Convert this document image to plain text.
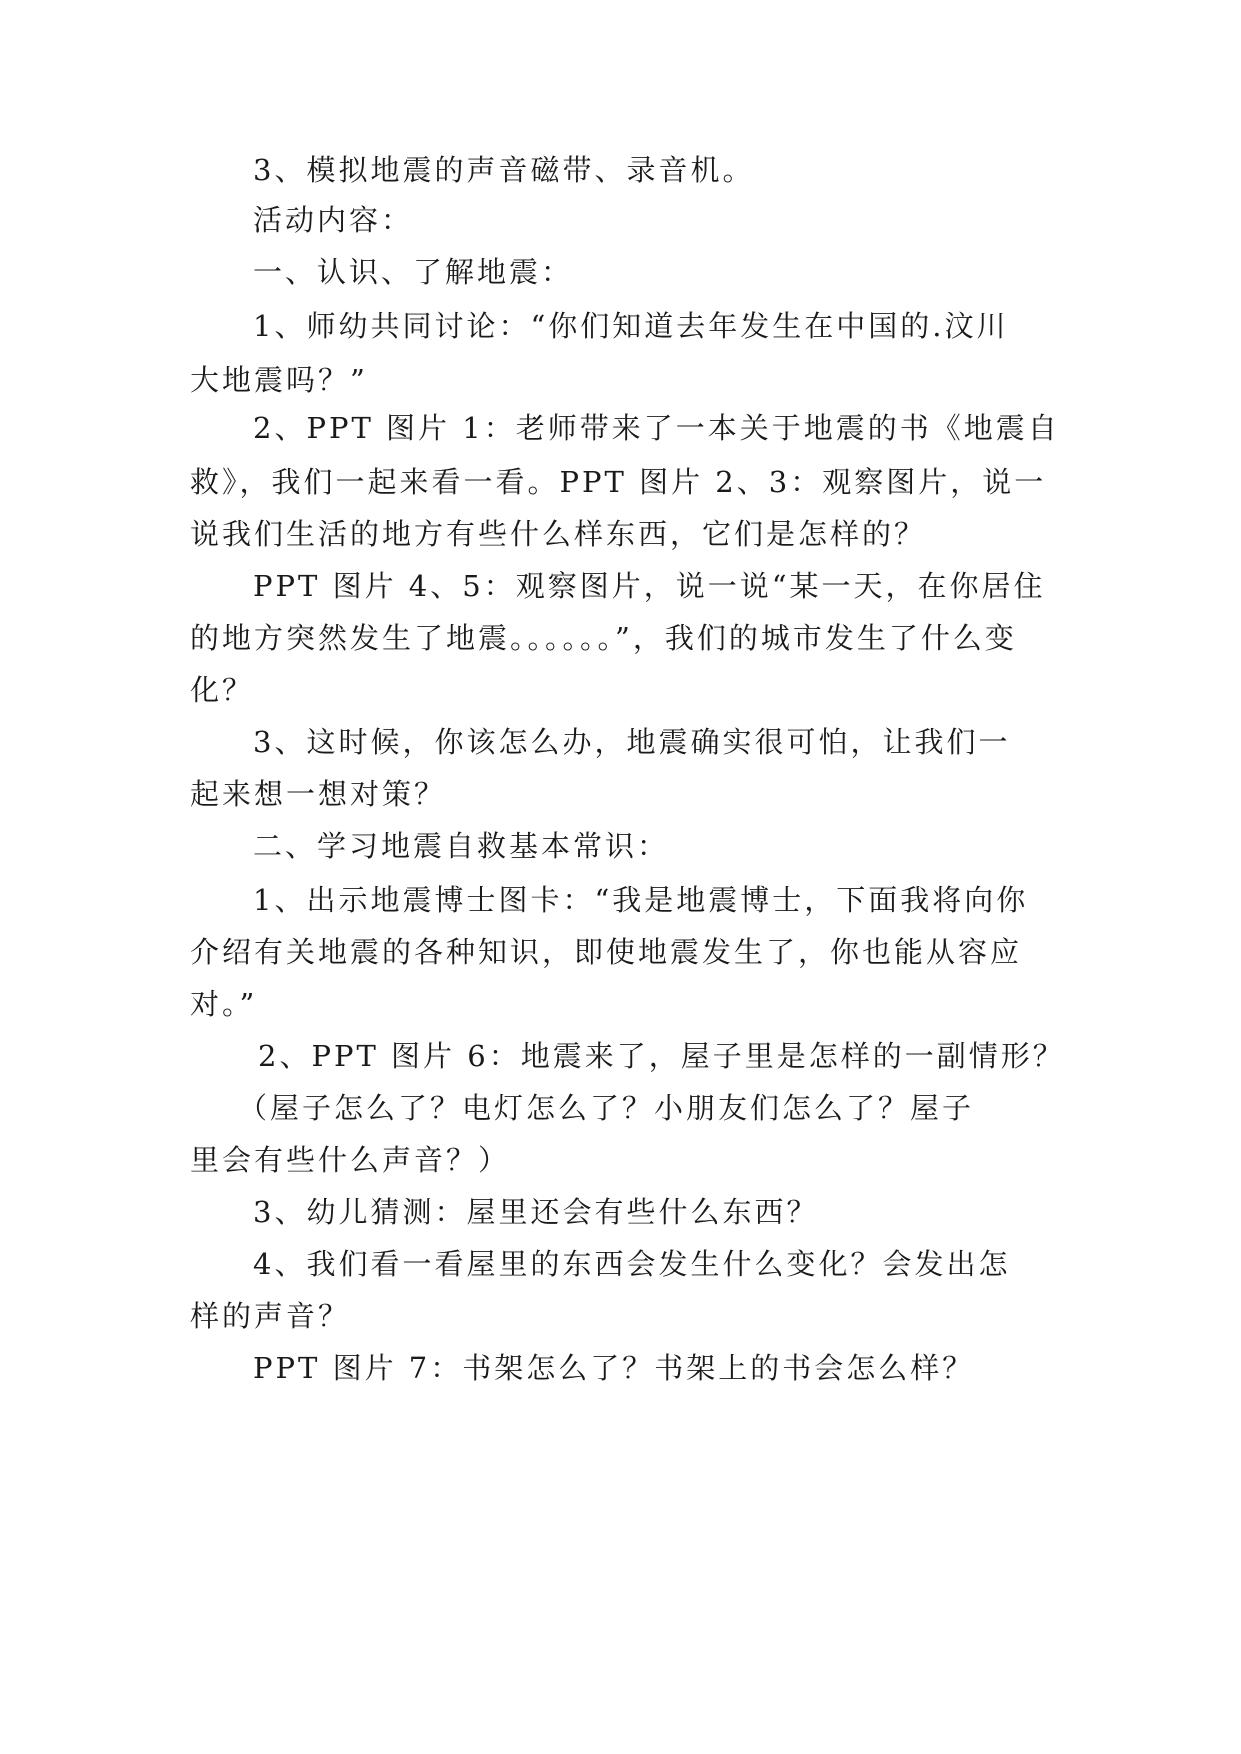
3、模拟地震的声音磁带、录音机。
活动内容：
一、认识、了解地震：
1、师幼共同讨论：“你们知道去年发生在中国的.汶川
大地震吗？”
2、PPT 图片 1：老师带来了一本关于地震的书《地震自
救》，我们一起来看一看。PPT 图片 2、3：观察图片，说一
说我们生活的地方有些什么样东西，它们是怎样的？
PPT 图片 4、5：观察图片，说一说“某一天，在你居住
的地方突然发生了地震。。。。。。”，我们的城市发生了什么变
化？
3、这时候，你该怎么办，地震确实很可怕，让我们一
起来想一想对策？
二、学习地震自救基本常识：
1、出示地震博士图卡：“我是地震博士，下面我将向你
介绍有关地震的各种知识，即使地震发生了，你也能从容应
对。”
2、PPT 图片 6：地震来了，屋子里是怎样的一副情形？
（屋子怎么了？电灯怎么了？小朋友们怎么了？屋子
里会有些什么声音？）
3、幼儿猜测：屋里还会有些什么东西？
4、我们看一看屋里的东西会发生什么变化？会发出怎
样的声音？
PPT 图片 7：书架怎么了？书架上的书会怎么样？
